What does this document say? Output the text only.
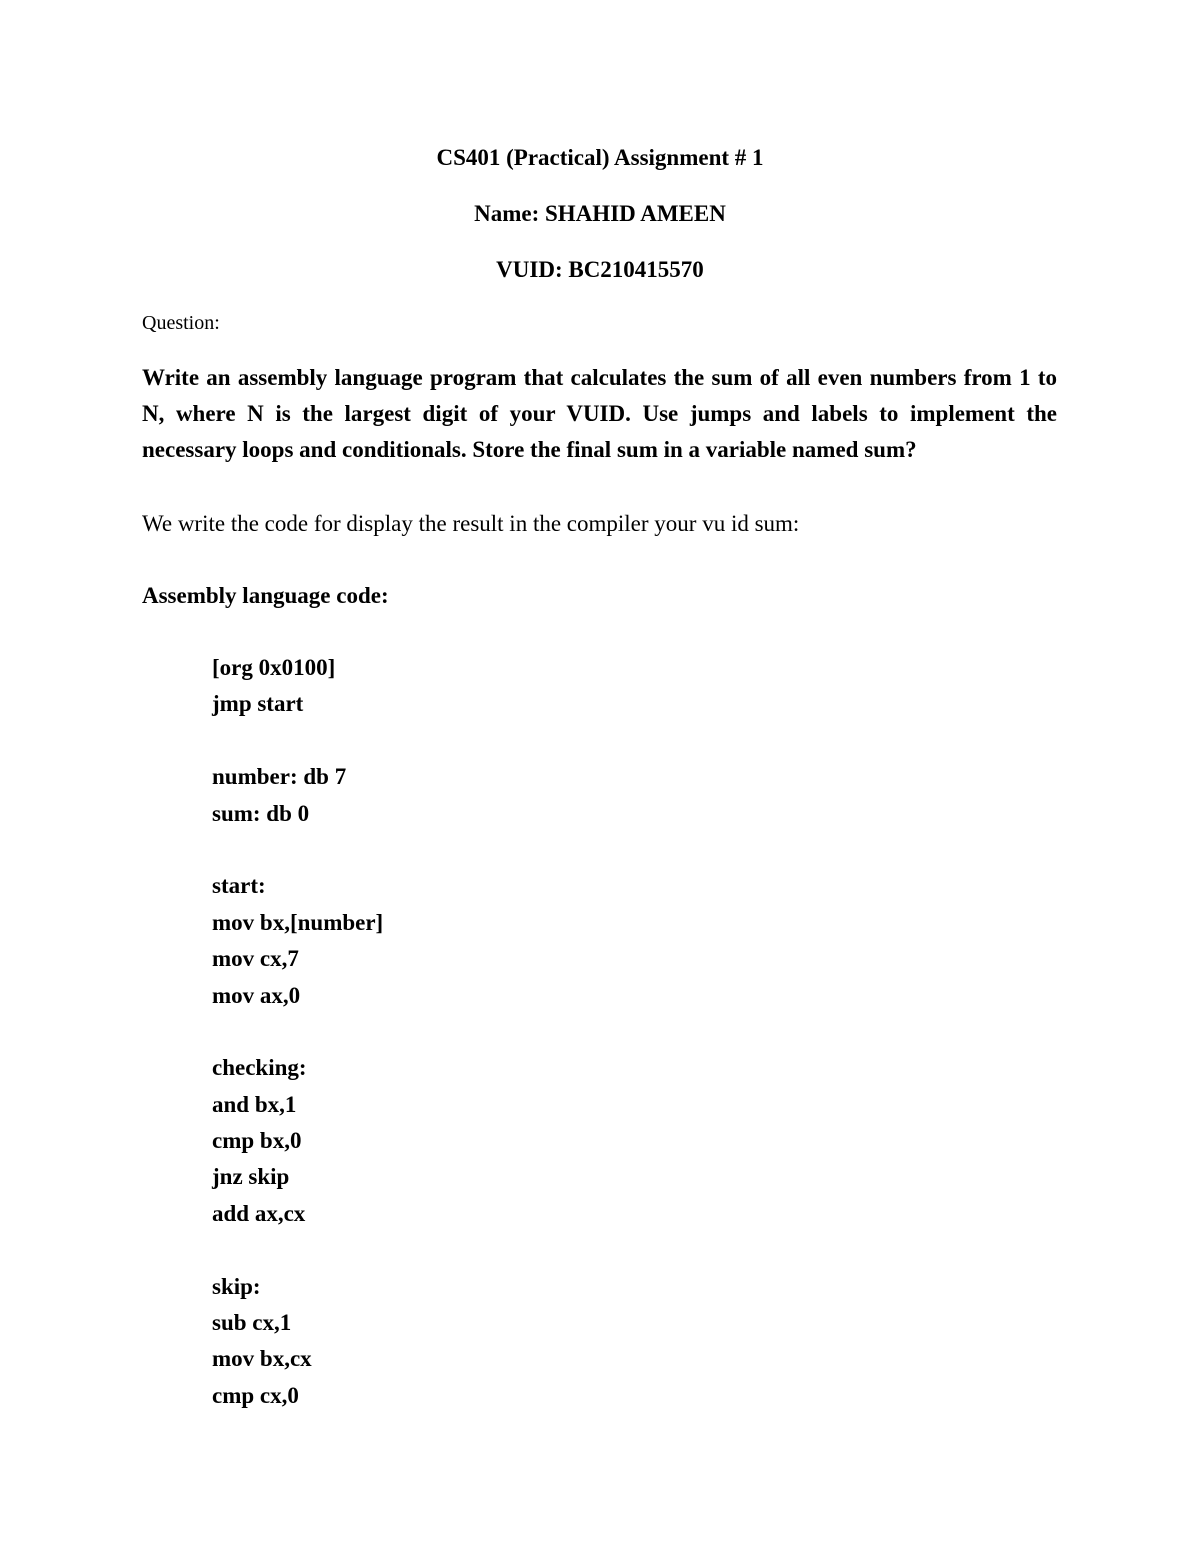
CS401 (Practical) Assignment # 1
Name: SHAHID AMEEN
VUID: BC210415570
Question:

Write an assembly language program that calculates the sum of all even numbers from 1 to N, where N is the largest digit of your VUID. Use jumps and labels to implement the necessary loops and conditionals. Store the final sum in a variable named sum?

We write the code for display the result in the compiler your vu id sum:
Assembly language code:
[org 0x0100]
jmp start
number: db 7
sum: db 0
start:
mov bx,[number]
mov cx,7
mov ax,0
checking:
and bx,1
cmp bx,0
jnz skip
add ax,cx
skip:
sub cx,1
mov bx,cx
cmp cx,0
